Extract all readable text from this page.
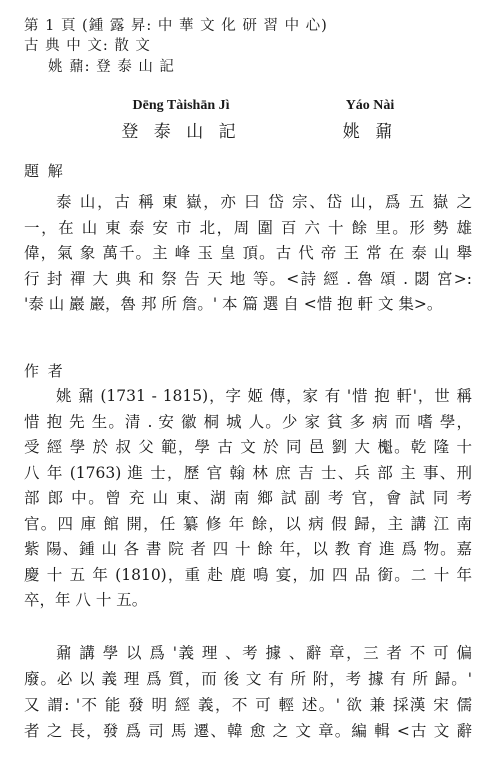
第 1 頁 (鍾 露 昇: 中 華 文 化 研 習 中 心)
古 典 中 文: 散 文
姚 鼐: 登 泰 山 記
Dēng Tàishān Jì
登 泰 山 記
Yáo Nài
姚 鼐
題 解
泰 山，古 稱 東 嶽，亦 曰 岱 宗、岱 山，爲 五 嶽 之
一，在 山 東 泰 安 市 北，周 圍 百 六 十 餘 里。形 勢 雄
偉，氣 象 萬千。主 峰 玉 皇 頂。古 代 帝 王 常 在 泰 山 舉
行 封 禪 大 典 和 祭 告 天 地 等。<詩 經 . 魯 頌 . 閟 宮>:
'泰 山 巖 巖，魯 邦 所 詹。' 本 篇 選 自 <惜 抱 軒 文 集>。
作 者
姚 鼐 (1731 - 1815)，字 姬 傳，家 有 '惜 抱 軒'，世 稱
惜 抱 先 生。清 . 安 徽 桐 城 人。少 家 貧 多 病 而 嗜 學，
受 經 學 於 叔 父 範，學 古 文 於 同 邑 劉 大 櫆。乾 隆 十
八 年 (1763) 進 士，歷 官 翰 林 庶 吉 士、兵 部 主 事、刑
部 郎 中。曾 充 山 東、湖 南 鄉 試 副 考 官，會 試 同 考
官。四 庫 館 開，任 纂 修 年 餘，以 病 假 歸，主 講 江 南
紫 陽、鍾 山 各 書 院 者 四 十 餘 年，以 教 育 進 爲 物。嘉
慶 十 五 年 (1810)，重 赴 鹿 鳴 宴，加 四 品 銜。二 十 年
卒，年 八 十 五。
鼐 講 學 以 爲 '義 理 、考 據 、辭 章，三 者 不 可 偏
廢。必 以 義 理 爲 質，而 後 文 有 所 附，考 據 有 所 歸。'
又 謂: '不 能 發 明 經 義，不 可 輕 述。' 欲 兼 採漢 宋 儒
者 之 長，發 爲 司 馬 遷、韓 愈 之 文 章。編 輯 <古 文 辭
